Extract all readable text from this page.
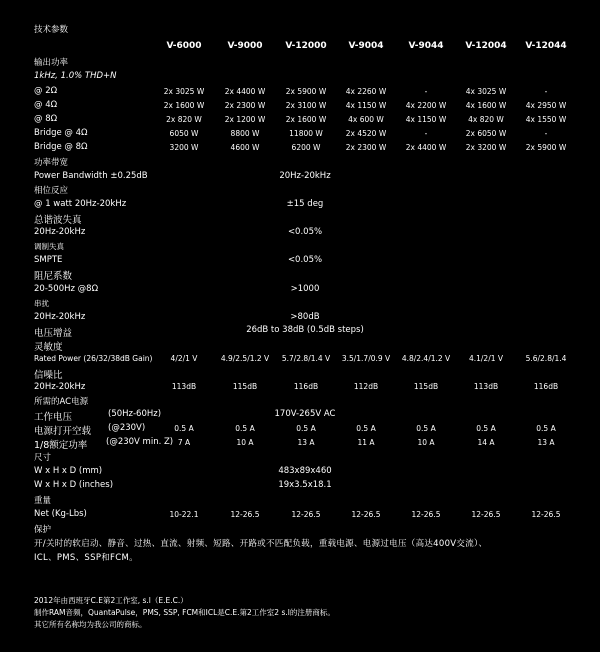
技术参数
V-6000	V-9000	V-12000	V-9004	V-9044	V-12004	V-12044
输出功率
1kHz, 1.0% THD+N
@ 2Ω	2x 3025 W	2x 4400 W	2x 5900 W	4x 2260 W	-	4x 3025 W	-
@ 4Ω	2x 1600 W	2x 2300 W	2x 3100 W	4x 1150 W	4x 2200 W	4x 1600 W	4x 2950 W
@ 8Ω	2x 820 W	2x 1200 W	2x 1600 W	4x 600 W	4x 1150 W	4x 820 W	4x 1550 W
Bridge @ 4Ω	6050 W	8800 W	11800 W	2x 4520 W	-	2x 6050 W	-
Bridge @ 8Ω	3200 W	4600 W	6200 W	2x 2300 W	2x 4400 W	2x 3200 W	2x 5900 W
功率带宽
Power Bandwidth ±0.25dB	20Hz-20kHz
相位反应
@ 1 watt 20Hz-20kHz	±15 deg
总谐波失真
20Hz-20kHz	<0.05%
调制失真
SMPTE	<0.05%
阻尼系数
20-500Hz @8Ω	>1000
串扰
20Hz-20kHz	>80dB
电压增益	26dB to 38dB (0.5dB steps)
灵敏度
Rated Power (26/32/38dB Gain)	4/2/1 V	4.9/2.5/1.2 V	5.7/2.8/1.4 V	3.5/1.7/0.9 V	4.8/2.4/1.2 V	4.1/2/1 V	5.6/2.8/1.4
信噪比
20Hz-20kHz	113dB	115dB	116dB	112dB	115dB	113dB	116dB
所需的AC电源
工作电压	(50Hz-60Hz)	170V-265V AC
电源打开空载 (@230V)	0.5 A	0.5 A	0.5 A	0.5 A	0.5 A	0.5 A	0.5 A
1/8额定功率 (@230V min. Z) 7 A	10 A	13 A	11 A	10 A	14 A	13 A
尺寸
W x H x D (mm)	483x89x460
W x H x D (inches)	19x3.5x18.1
重量
Net (Kg-Lbs)	10-22.1	12-26.5	12-26.5	12-26.5	12-26.5	12-26.5	12-26.5
保护
开/关时的软启动、静音、过热、直流、射频、短路、开路或不匹配负载，重载电源、电源过电压（高达400V交流）、
ICL、PMS、SSP和FCM。
2012年由西班牙C.E第2工作室, s.l（E.E.C.）
制作RAM音频，QuantaPulse，PMS, SSP, FCM和ICL是C.E.第2工作室2 s.l的注册商标。
其它所有名称均为我公司的商标。
